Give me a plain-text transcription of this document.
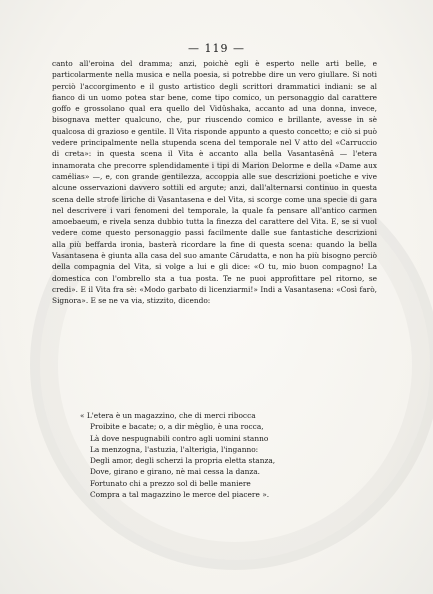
— 119 —

canto all'eroina del dramma; anzi, poichè egli è esperto nelle arti belle, e particolarmente nella musica e nella poesia, si potrebbe dire un vero giullare. Si noti perciò l'accorgimento e il gusto artistico degli scrittori drammatici indiani: se al fianco di un uomo potea star bene, come tipo comico, un personaggio dal carattere goffo e grossolano qual era quello del Vidûshaka, accanto ad una donna, invece, bisognava metter qualcuno, che, pur riuscendo comico e brillante, avesse in sè qualcosa di grazioso e gentile. Il Vita risponde appunto a questo concetto; e ciò si può vedere principalmente nella stupenda scena del temporale nel V atto del «Carruccio di creta»: in questa scena il Vita è accanto alla bella Vasantasênâ — l'etera innamorata che precorre splendidamente i tipi di Marion Delorme e della «Dame aux camélias» —, e, con grande gentilezza, accoppia alle sue descrizioni poetiche e vive alcune osservazioni davvero sottili ed argute; anzi, dall'alternarsi continuo in questa scena delle strofe liriche di Vasantasena e del Vita, si scorge come una specie di gara nel descrivere i vari fenomeni del temporale, la quale fa pensare all'antico carmen amoebaeum, e rivela senza dubbio tutta la finezza del carattere del Vita. E, se si vuol vedere come questo personaggio passi facilmente dalle sue fantastiche descrizioni alla più beffarda ironia, basterà ricordare la fine di questa scena: quando la bella Vasantasena è giunta alla casa del suo amante Cârudatta, e non ha più bisogno perciò della compagnia del Vita, si volge a lui e gli dice: «O tu, mio buon compagno! La domestica con l'ombrello sta a tua posta. Te ne puoi approfittare pel ritorno, se credi». E il Vita fra sè: «Modo garbato di licenziarmi!» Indi a Vasantasena: «Così farò, Signora». E se ne va via, stizzito, dicendo:

« L'etera è un magazzino, che di merci ribocca
Proibite e bacate; o, a dir mèglio, è una rocca,
Là dove nespugnabili contro agli uomini stanno
La menzogna, l'astuzia, l'alterigia, l'inganno:
Degli amor, degli scherzi la propria eletta stanza,
Dove, girano e girano, nè mai cessa la danza.
Fortunato chi a prezzo sol di belle maniere
Compra a tal magazzino le merce del piacere ».
